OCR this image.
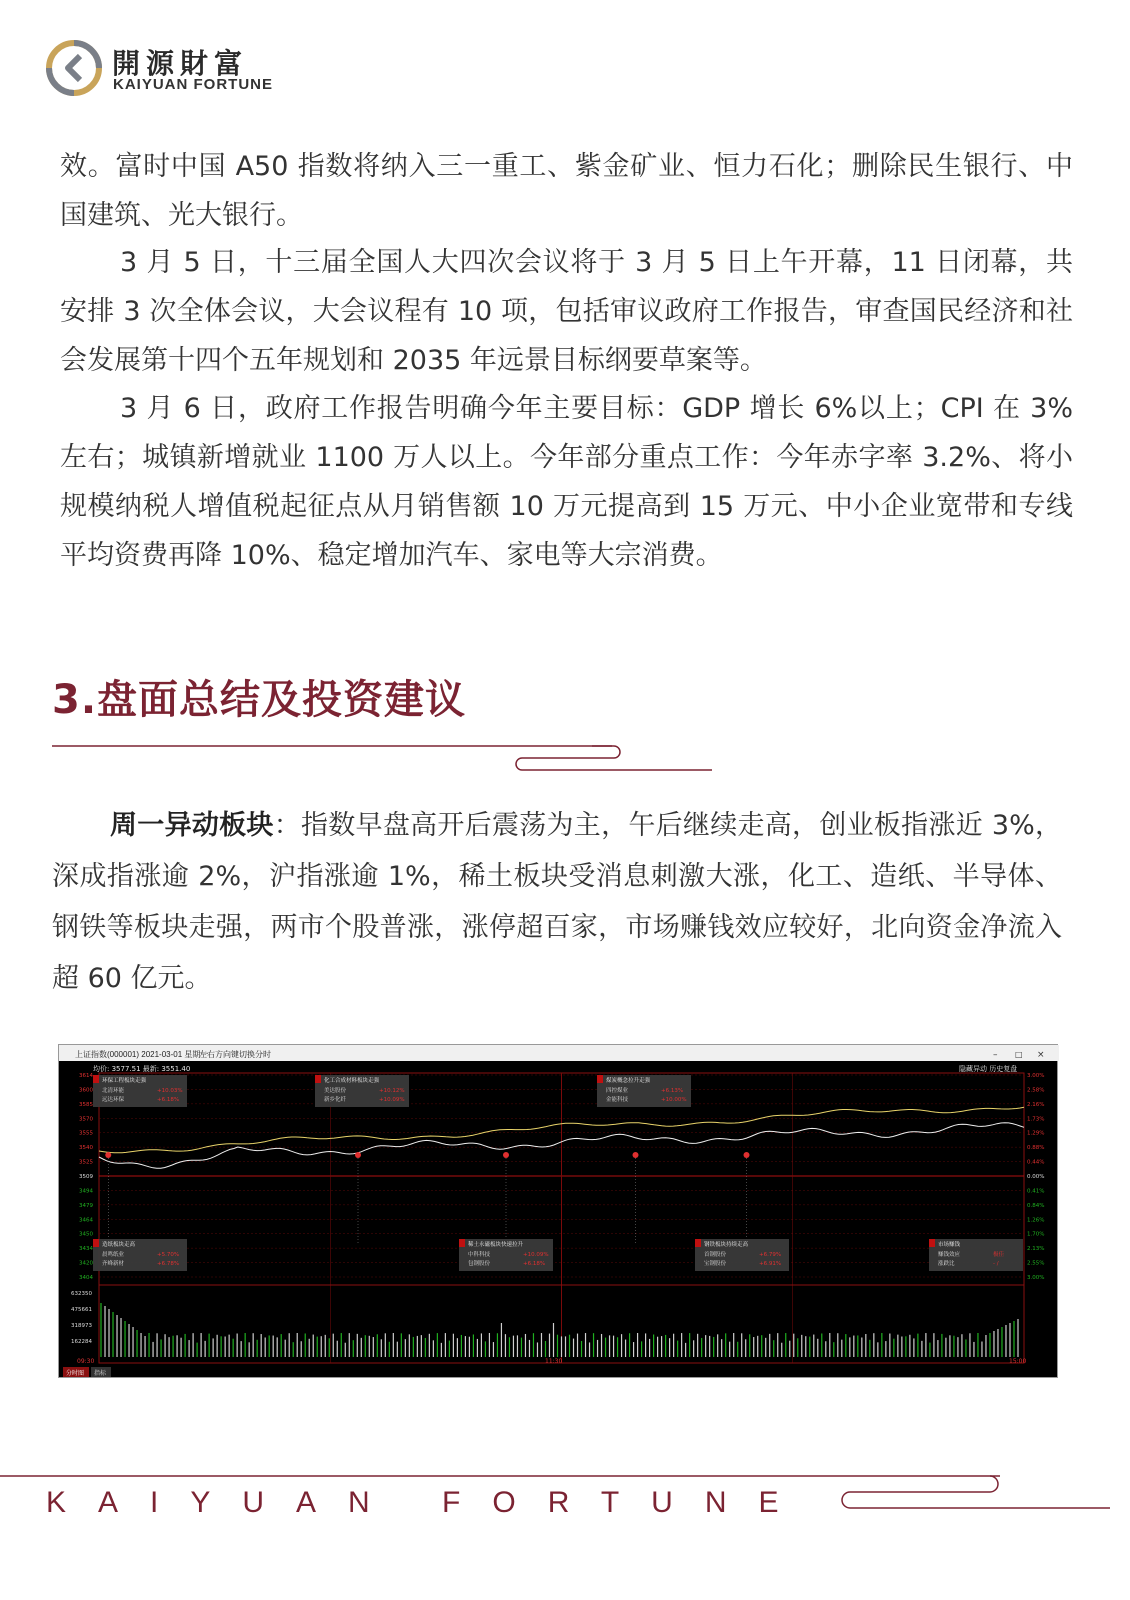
開源財富
KAIYUAN FORTUNE

效。富时中国 A50 指数将纳入三一重工、紫金矿业、恒力石化；删除民生银行、中国建筑、光大银行。

3 月 5 日，十三届全国人大四次会议将于 3 月 5 日上午开幕，11 日闭幕，共安排 3 次全体会议，大会议程有 10 项，包括审议政府工作报告，审查国民经济和社会发展第十四个五年规划和 2035 年远景目标纲要草案等。

3 月 6 日，政府工作报告明确今年主要目标：GDP 增长 6%以上；CPI 在 3%左右；城镇新增就业 1100 万人以上。今年部分重点工作：今年赤字率 3.2%、将小规模纳税人增值税起征点从月销售额 10 万元提高到 15 万元、中小企业宽带和专线平均资费再降 10%、稳定增加汽车、家电等大宗消费。

3.盘面总结及投资建议

周一异动板块：指数早盘高开后震荡为主，午后继续走高，创业板指涨近 3%，深成指涨逾 2%，沪指涨逾 1%，稀土板块受消息刺激大涨，化工、造纸、半导体、钢铁等板块走强，两市个股普涨，涨停超百家，市场赚钱效应较好，北向资金净流入超 60 亿元。

上证指数(000001) 2021-03-01 星期一
左右方向键切换分时	– □ ×
均价: 3577.51 最新: 3551.40	隐藏异动 历史复盘
3614
3600
3585
3570
3555
3540
3525
3509
3494
3479
3464
3450
3434
3420
3404
3.00%
2.58%
2.16%
1.73%
1.29%
0.88%
0.44%
0.00%
0.41%
0.84%
1.26%
1.70%
2.13%
2.55%
3.00%
环保工程板块走强
北清环能	+10.03%
远达环保	+6.18%
化工合成材料板块走强
美达股份	+10.12%
新乡化纤	+10.09%
煤炭概念拉升走强
四控煤业	+6.13%
金能科技	+10.00%
造纸板块走高
晨鸣纸业	+5.70%
齐峰新材	+6.78%
稀土永磁板块快速拉升
中科科技	+10.09%
包钢股份	+6.18%
钢铁板块持续走高
首钢股份	+6.79%
宝钢股份	+6.91%
市场赚钱
赚钱效应	极佳
涨跌比	- /
632350
475661
318973
162284
09:30	11:30	15:00
分时图 指标
KAIYUAN FORTUNE
